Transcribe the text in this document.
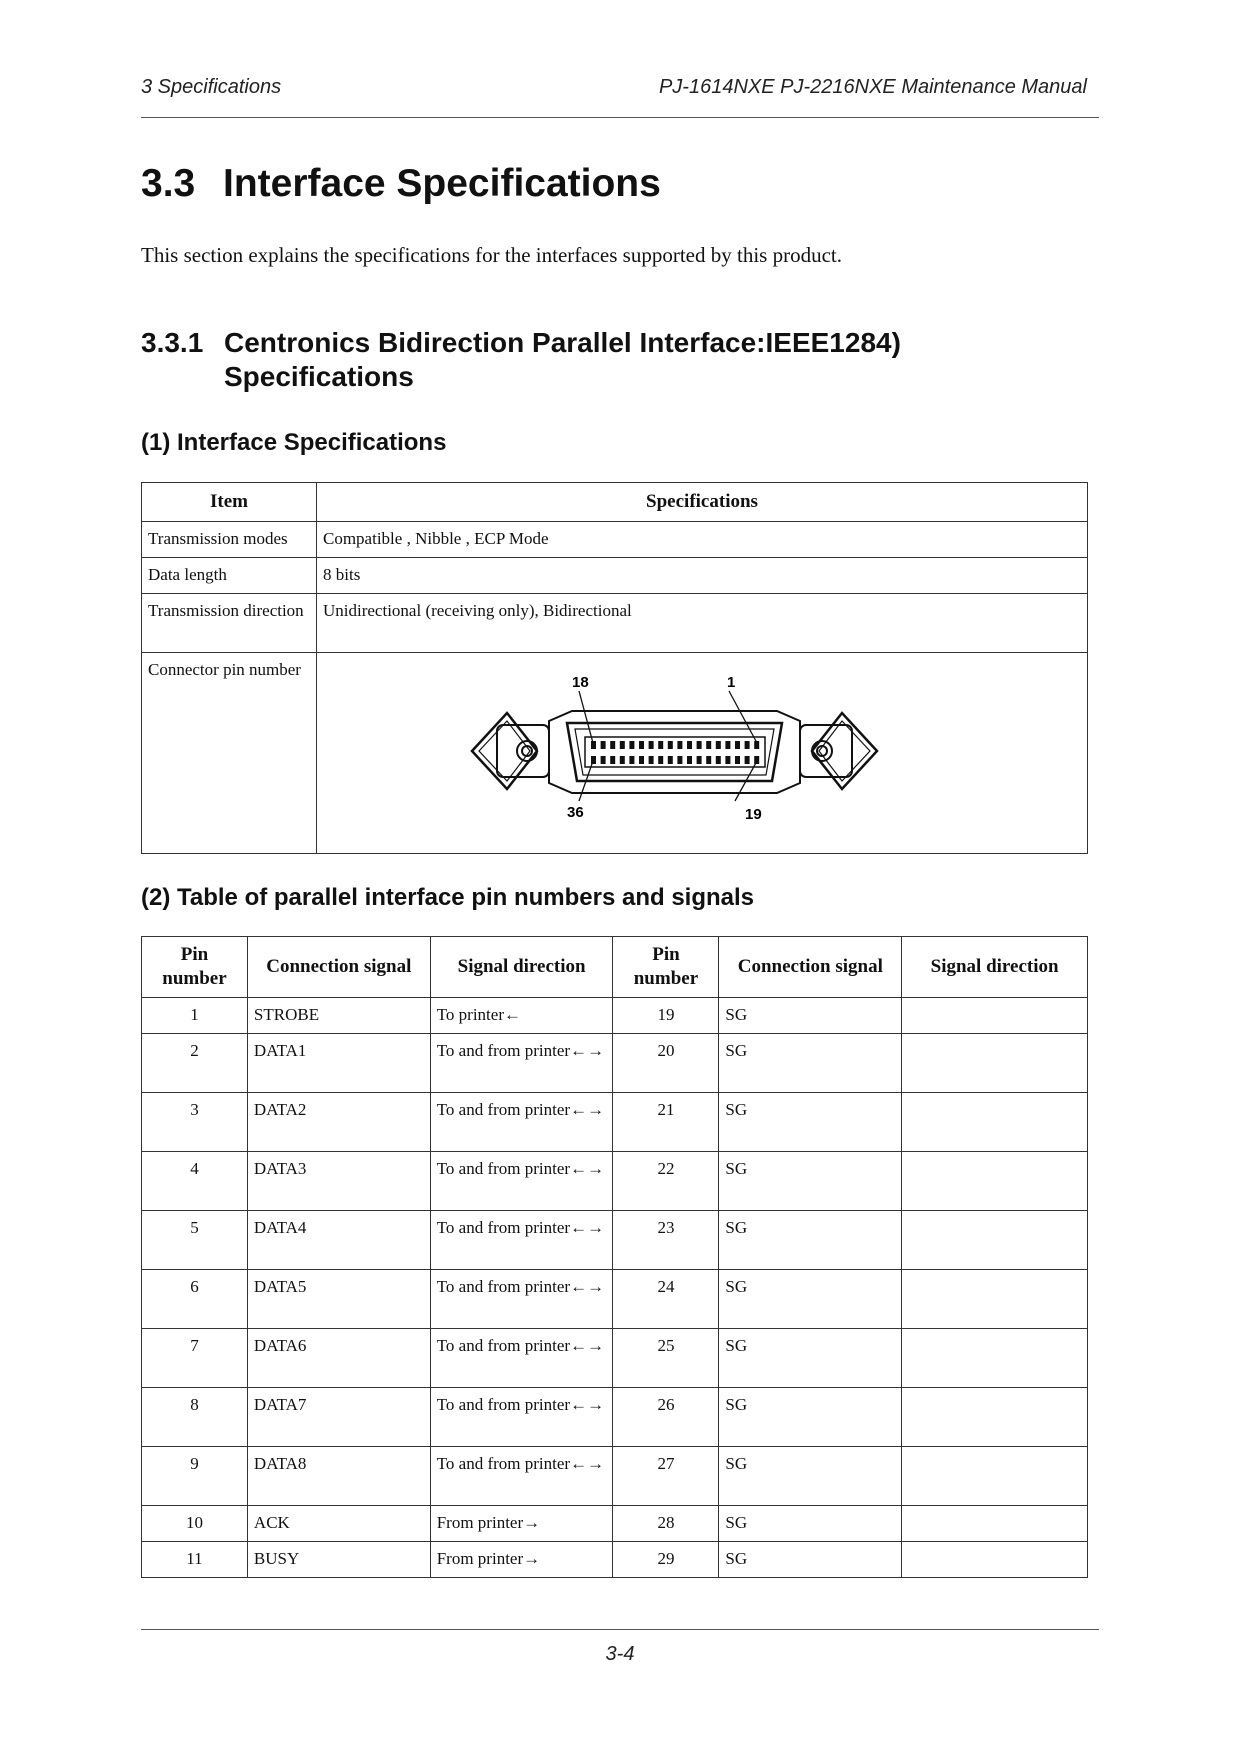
3 Specifications	PJ-1614NXE PJ-2216NXE Maintenance Manual
3.3 Interface Specifications

This section explains the specifications for the interfaces supported by this product.

3.3.1 Centronics Bidirection Parallel Interface:IEEE1284) Specifications
(1) Interface Specifications
Item	Specifications
Transmission modes	Compatible , Nibble , ECP Mode
Data length	8 bits
Transmission direction	Unidirectional (receiving only), Bidirectional
Connector pin number	18 1
36 19
(2) Table of parallel interface pin numbers and signals
Pin number	Connection signal	Signal direction	Pin number	Connection signal	Signal direction
1	STROBE	To printer←	19	SG	
2	DATA1	To and from printer←→	20	SG	
3	DATA2	To and from printer←→	21	SG	
4	DATA3	To and from printer←→	22	SG	
5	DATA4	To and from printer←→	23	SG	
6	DATA5	To and from printer←→	24	SG	
7	DATA6	To and from printer←→	25	SG	
8	DATA7	To and from printer←→	26	SG	
9	DATA8	To and from printer←→	27	SG	
10	ACK	From printer→	28	SG	
11	BUSY	From printer→	29	SG	
3-4
